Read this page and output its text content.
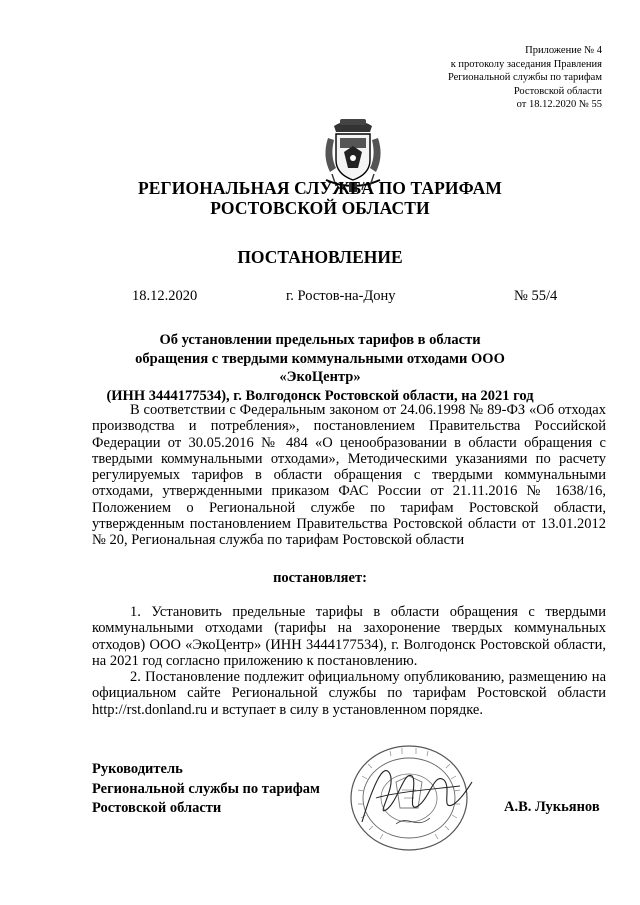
Приложение № 4
к протоколу заседания Правления
Региональной службы по тарифам
Ростовской области
от 18.12.2020 № 55
РЕГИОНАЛЬНАЯ СЛУЖБА ПО ТАРИФАМ
РОСТОВСКОЙ ОБЛАСТИ
ПОСТАНОВЛЕНИЕ
18.12.2020	г. Ростов-на-Дону	№ 55/4
Об установлении предельных тарифов в области
обращения с твердыми коммунальными отходами ООО «ЭкоЦентр»
(ИНН 3444177534), г. Волгодонск Ростовской области, на 2021 год

В соответствии с Федеральным законом от 24.06.1998 № 89-ФЗ «Об отходах производства и потребления», постановлением Правительства Российской Федерации от 30.05.2016 № 484 «О ценообразовании в области обращения с твердыми коммунальными отходами», Методическими указаниями по расчету регулируемых тарифов в области обращения с твердыми коммунальными отходами, утвержденными приказом ФАС России от 21.11.2016 № 1638/16, Положением о Региональной службе по тарифам Ростовской области, утвержденным постановлением Правительства Ростовской области от 13.01.2012 № 20, Региональная служба по тарифам Ростовской области

постановляет:

1. Установить предельные тарифы в области обращения с твердыми коммунальными отходами (тарифы на захоронение твердых коммунальных отходов) ООО «ЭкоЦентр» (ИНН 3444177534), г. Волгодонск Ростовской области, на 2021 год согласно приложению к постановлению.

2. Постановление подлежит официальному опубликованию, размещению на официальном сайте Региональной службы по тарифам Ростовской области http://rst.donland.ru и вступает в силу в установленном порядке.

Руководитель
Региональной службы по тарифам
Ростовской области	А.В. Лукьянов
